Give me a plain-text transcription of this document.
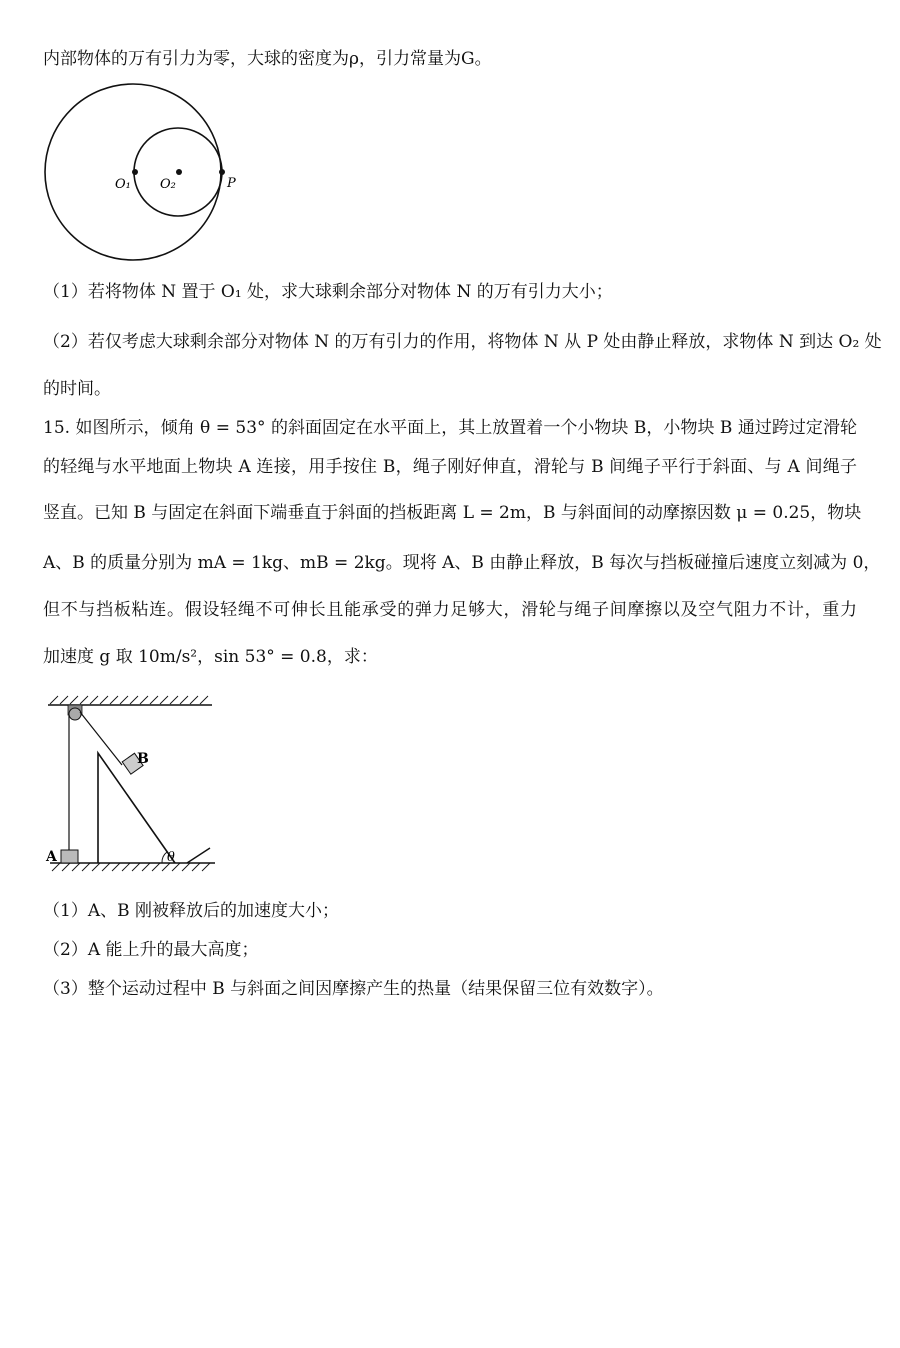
内部物体的万有引力为零，大球的密度为ρ，引力常量为G。
O₁ O₂	P
（1）若将物体 N 置于 O₁ 处，求大球剩余部分对物体 N 的万有引力大小；
（2）若仅考虑大球剩余部分对物体 N 的万有引力的作用，将物体 N 从 P 处由静止释放，求物体 N 到达 O₂ 处
的时间。
15. 如图所示，倾角 θ = 53° 的斜面固定在水平面上，其上放置着一个小物块 B，小物块 B 通过跨过定滑轮
的轻绳与水平地面上物块 A 连接，用手按住 B，绳子刚好伸直，滑轮与 B 间绳子平行于斜面、与 A 间绳子
竖直。已知 B 与固定在斜面下端垂直于斜面的挡板距离 L = 2m，B 与斜面间的动摩擦因数 μ = 0.25，物块
A、B 的质量分别为 mA = 1kg、mB = 2kg。现将 A、B 由静止释放，B 每次与挡板碰撞后速度立刻减为 0，
但不与挡板粘连。假设轻绳不可伸长且能承受的弹力足够大，滑轮与绳子间摩擦以及空气阻力不计，重力
加速度 g 取 10m/s²，sin 53° = 0.8，求：
A
B
θ
（1）A、B 刚被释放后的加速度大小；
（2）A 能上升的最大高度；
（3）整个运动过程中 B 与斜面之间因摩擦产生的热量（结果保留三位有效数字）。
